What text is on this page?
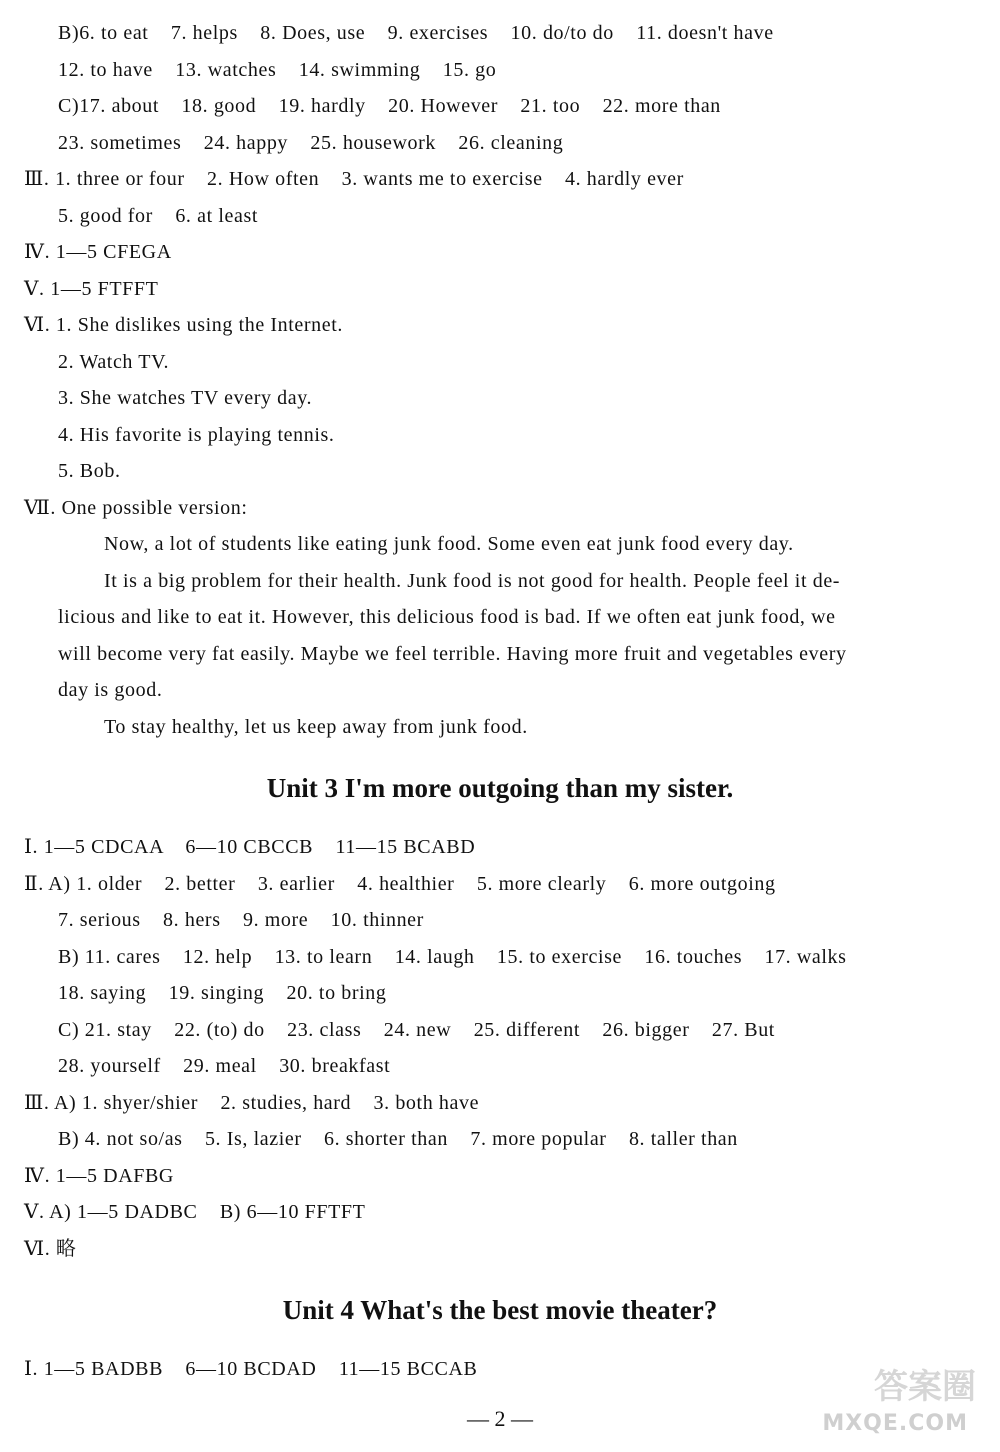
B)6. to eat    7. helps    8. Does, use    9. exercises    10. do/to do    11. doesn't have
12. to have    13. watches    14. swimming    15. go
C)17. about    18. good    19. hardly    20. However    21. too    22. more than
23. sometimes    24. happy    25. housework    26. cleaning
Ⅲ. 1. three or four    2. How often    3. wants me to exercise    4. hardly ever
5. good for    6. at least
Ⅳ. 1—5 CFEGA
Ⅴ. 1—5 FTFFT
Ⅵ. 1. She dislikes using the Internet.
2. Watch TV.
3. She watches TV every day.
4. His favorite is playing tennis.
5. Bob.
Ⅶ. One possible version:
Now, a lot of students like eating junk food. Some even eat junk food every day.
It is a big problem for their health. Junk food is not good for health. People feel it de-
licious and like to eat it. However, this delicious food is bad. If we often eat junk food, we
will become very fat easily. Maybe we feel terrible. Having more fruit and vegetables every
day is good.
To stay healthy, let us keep away from junk food.
Unit 3 I'm more outgoing than my sister.
Ⅰ. 1—5 CDCAA    6—10 CBCCB    11—15 BCABD
Ⅱ. A) 1. older    2. better    3. earlier    4. healthier    5. more clearly    6. more outgoing
7. serious    8. hers    9. more    10. thinner
B) 11. cares    12. help    13. to learn    14. laugh    15. to exercise    16. touches    17. walks
18. saying    19. singing    20. to bring
C) 21. stay    22. (to) do    23. class    24. new    25. different    26. bigger    27. But
28. yourself    29. meal    30. breakfast
Ⅲ. A) 1. shyer/shier    2. studies, hard    3. both have
B) 4. not so/as    5. Is, lazier    6. shorter than    7. more popular    8. taller than
Ⅳ. 1—5 DAFBG
Ⅴ. A) 1—5 DADBC    B) 6—10 FFTFT
Ⅵ. 略
Unit 4 What's the best movie theater?
Ⅰ. 1—5 BADBB    6—10 BCDAD    11—15 BCCAB
— 2 —
答案圈
MXQE.COM
